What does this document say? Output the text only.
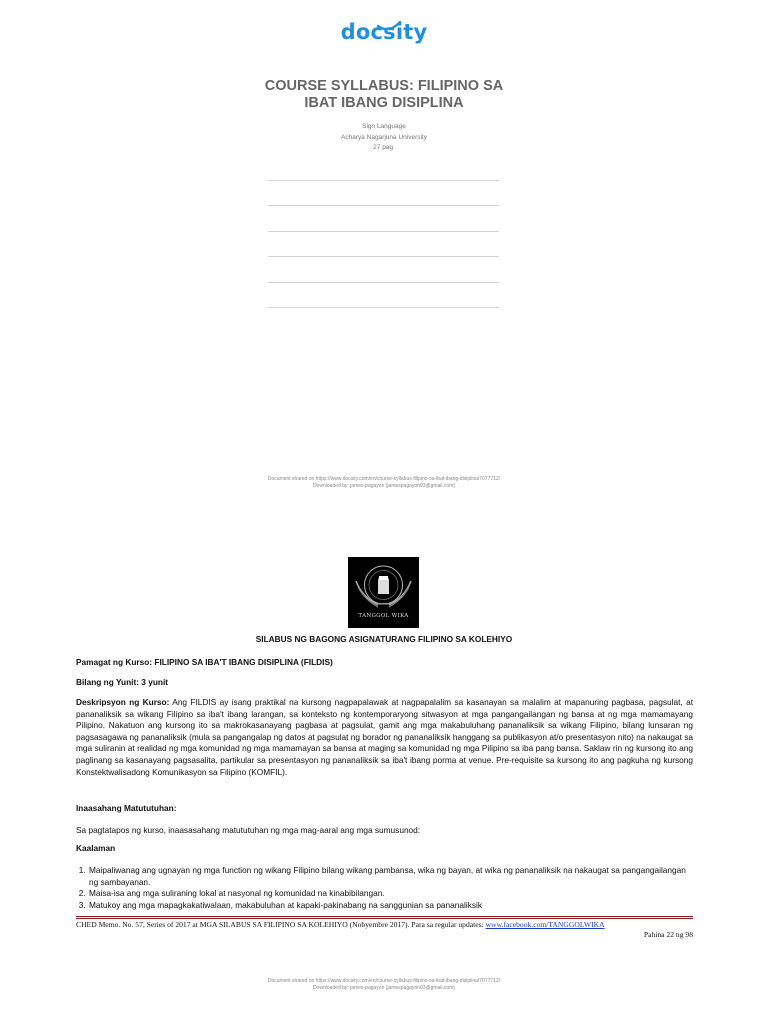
docsity
COURSE SYLLABUS: FILIPINO SA
IBAT IBANG DISIPLINA
Sign Language
Acharya Nagarjuna University
27 pag.
Document shared on https://www.docsity.com/en/course-syllabus-filipino-sa-ibat-ibang-disiplina/7077712/
Downloaded by: james-pagayon (jamespagayon03@gmail.com)
TANGGOL WIKA
SILABUS NG BAGONG ASIGNATURANG FILIPINO SA KOLEHIYO
Pamagat ng Kurso: FILIPINO SA IBA'T IBANG DISIPLINA (FILDIS)
Bilang ng Yunit: 3 yunit
Deskripsyon ng Kurso: Ang FILDIS ay isang praktikal na kursong nagpapalawak at nagpapalalim sa kasanayan sa malalim at mapanuring pagbasa, pagsulat, at pananaliksik sa wikang Filipino sa iba't ibang larangan, sa konteksto ng kontemporaryong sitwasyon at mga pangangailangan ng bansa at ng mga mamamayang Pilipino. Nakatuon ang kursong ito sa makrokasanayang pagbasa at pagsulat, gamit ang mga makabuluhang pananaliksik sa wikang Filipino, bilang lunsaran ng pagsasagawa ng pananaliksik (mula sa pangangalap ng datos at pagsulat ng borador ng pananaliksik hanggang sa publikasyon at/o presentasyon nito) na nakaugat sa mga suliranin at realidad ng mga komunidad ng mga mamamayan sa bansa at maging sa komunidad ng mga Pilipino sa iba pang bansa. Saklaw rin ng kursong ito ang paglinang sa kasanayang pagsasalita, partikular sa presentasyon ng pananaliksik sa iba't ibang porma at venue. Pre-requisite sa kursong ito ang pagkuha ng kursong Konstektwalisadong Komunikasyon sa Filipino (KOMFIL).
Inaasahang Matututuhan:
Sa pagtatapos ng kurso, inaasasahang matututuhan ng mga mag-aaral ang mga sumusunod:
Kaalaman
1. Maipaliwanag ang ugnayan ng mga function ng wikang Filipino bilang wikang pambansa, wika ng bayan, at wika ng pananaliksik na nakaugat sa pangangailangan ng sambayanan.
2. Maisa-isa ang mga suliraning lokal at nasyonal ng komunidad na kinabibilangan.
3. Matukoy ang mga mapagkakatiwalaan, makabuluhan at kapaki-pakinabang na sanggunian sa pananaliksik
CHED Memo. No. 57, Series of 2017 at MGA SILABUS SA FILIPINO SA KOLEHIYO (Nobyembre 2017). Para sa regular updates: www.facebook.com/TANGGOLWIKA
Pahina 22 ng 98
Document shared on https://www.docsity.com/en/course-syllabus-filipino-sa-ibat-ibang-disiplina/7077712/
Downloaded by: james-pagayon (jamespagayon03@gmail.com)
